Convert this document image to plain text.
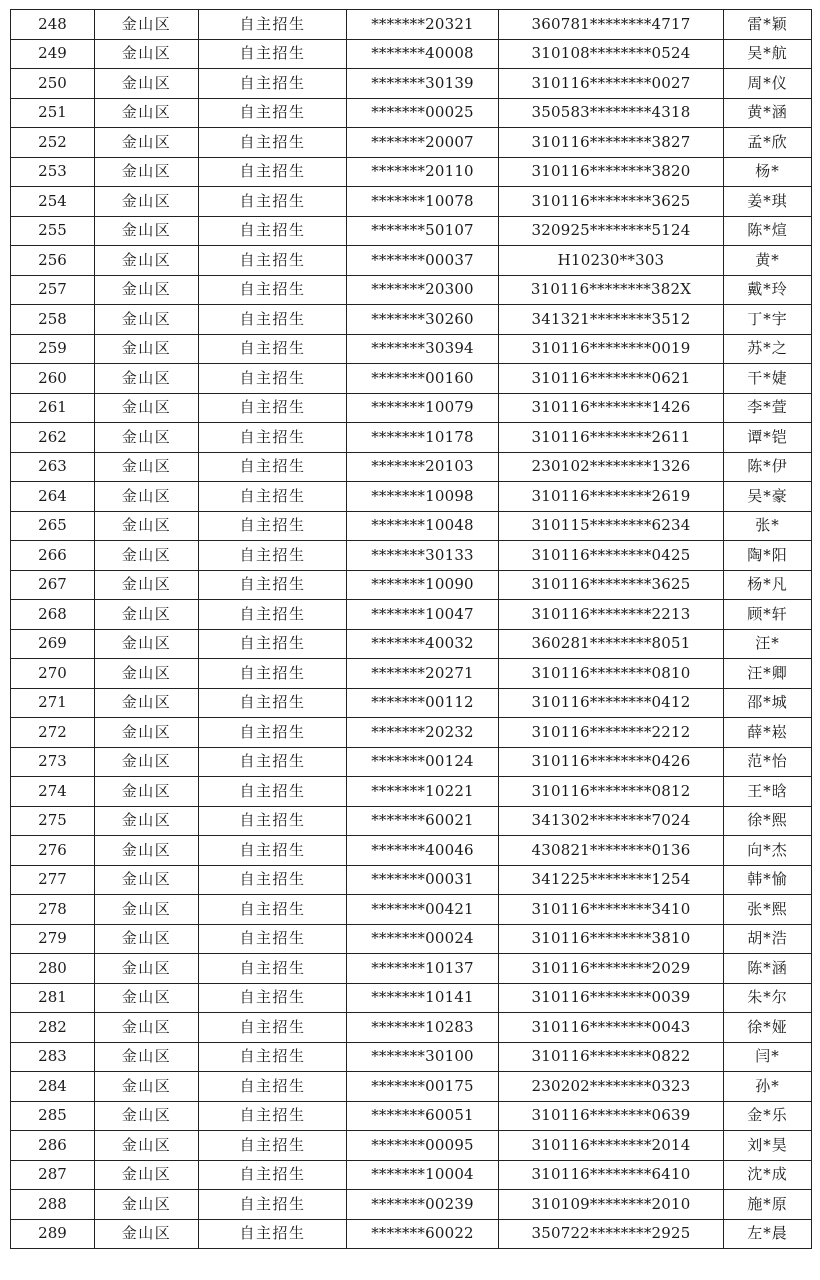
248	金山区	自主招生	*******20321	360781********4717	雷*颖
249	金山区	自主招生	*******40008	310108********0524	吴*航
250	金山区	自主招生	*******30139	310116********0027	周*仪
251	金山区	自主招生	*******00025	350583********4318	黄*涵
252	金山区	自主招生	*******20007	310116********3827	孟*欣
253	金山区	自主招生	*******20110	310116********3820	杨*
254	金山区	自主招生	*******10078	310116********3625	姜*琪
255	金山区	自主招生	*******50107	320925********5124	陈*煊
256	金山区	自主招生	*******00037	H10230**303	黄*
257	金山区	自主招生	*******20300	310116********382X	戴*玲
258	金山区	自主招生	*******30260	341321********3512	丁*宇
259	金山区	自主招生	*******30394	310116********0019	苏*之
260	金山区	自主招生	*******00160	310116********0621	干*婕
261	金山区	自主招生	*******10079	310116********1426	李*萱
262	金山区	自主招生	*******10178	310116********2611	谭*铠
263	金山区	自主招生	*******20103	230102********1326	陈*伊
264	金山区	自主招生	*******10098	310116********2619	吴*豪
265	金山区	自主招生	*******10048	310115********6234	张*
266	金山区	自主招生	*******30133	310116********0425	陶*阳
267	金山区	自主招生	*******10090	310116********3625	杨*凡
268	金山区	自主招生	*******10047	310116********2213	顾*轩
269	金山区	自主招生	*******40032	360281********8051	汪*
270	金山区	自主招生	*******20271	310116********0810	汪*卿
271	金山区	自主招生	*******00112	310116********0412	邵*城
272	金山区	自主招生	*******20232	310116********2212	薛*崧
273	金山区	自主招生	*******00124	310116********0426	范*怡
274	金山区	自主招生	*******10221	310116********0812	王*晗
275	金山区	自主招生	*******60021	341302********7024	徐*熙
276	金山区	自主招生	*******40046	430821********0136	向*杰
277	金山区	自主招生	*******00031	341225********1254	韩*愉
278	金山区	自主招生	*******00421	310116********3410	张*熙
279	金山区	自主招生	*******00024	310116********3810	胡*浩
280	金山区	自主招生	*******10137	310116********2029	陈*涵
281	金山区	自主招生	*******10141	310116********0039	朱*尔
282	金山区	自主招生	*******10283	310116********0043	徐*娅
283	金山区	自主招生	*******30100	310116********0822	闫*
284	金山区	自主招生	*******00175	230202********0323	孙*
285	金山区	自主招生	*******60051	310116********0639	金*乐
286	金山区	自主招生	*******00095	310116********2014	刘*昊
287	金山区	自主招生	*******10004	310116********6410	沈*成
288	金山区	自主招生	*******00239	310109********2010	施*原
289	金山区	自主招生	*******60022	350722********2925	左*晨
